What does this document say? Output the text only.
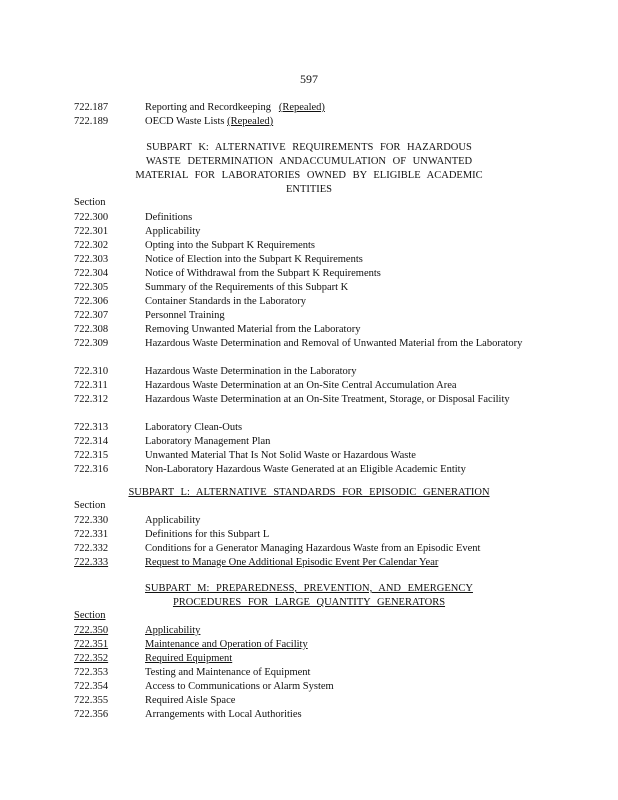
597
722.187	Reporting and Recordkeeping (Repealed)
722.189	OECD Waste Lists (Repealed)
SUBPART K: ALTERNATIVE REQUIREMENTS FOR HAZARDOUS
WASTE DETERMINATION ANDACCUMULATION OF UNWANTED
MATERIAL FOR LABORATORIES OWNED BY ELIGIBLE ACADEMIC
ENTITIES
Section
722.300	Definitions
722.301	Applicability
722.302	Opting into the Subpart K Requirements
722.303	Notice of Election into the Subpart K Requirements
722.304	Notice of Withdrawal from the Subpart K Requirements
722.305	Summary of the Requirements of this Subpart K
722.306	Container Standards in the Laboratory
722.307	Personnel Training
722.308	Removing Unwanted Material from the Laboratory
722.309	Hazardous Waste Determination and Removal of Unwanted Material from the Laboratory
722.310	Hazardous Waste Determination in the Laboratory
722.311	Hazardous Waste Determination at an On-Site Central Accumulation Area
722.312	Hazardous Waste Determination at an On-Site Treatment, Storage, or Disposal Facility
722.313	Laboratory Clean-Outs
722.314	Laboratory Management Plan
722.315	Unwanted Material That Is Not Solid Waste or Hazardous Waste
722.316	Non-Laboratory Hazardous Waste Generated at an Eligible Academic Entity
SUBPART L: ALTERNATIVE STANDARDS FOR EPISODIC GENERATION
Section
722.330	Applicability
722.331	Definitions for this Subpart L
722.332	Conditions for a Generator Managing Hazardous Waste from an Episodic Event
722.333	Request to Manage One Additional Episodic Event Per Calendar Year
SUBPART M: PREPAREDNESS, PREVENTION, AND EMERGENCY
PROCEDURES FOR LARGE QUANTITY GENERATORS
Section
722.350	Applicability
722.351	Maintenance and Operation of Facility
722.352	Required Equipment
722.353	Testing and Maintenance of Equipment
722.354	Access to Communications or Alarm System
722.355	Required Aisle Space
722.356	Arrangements with Local Authorities
